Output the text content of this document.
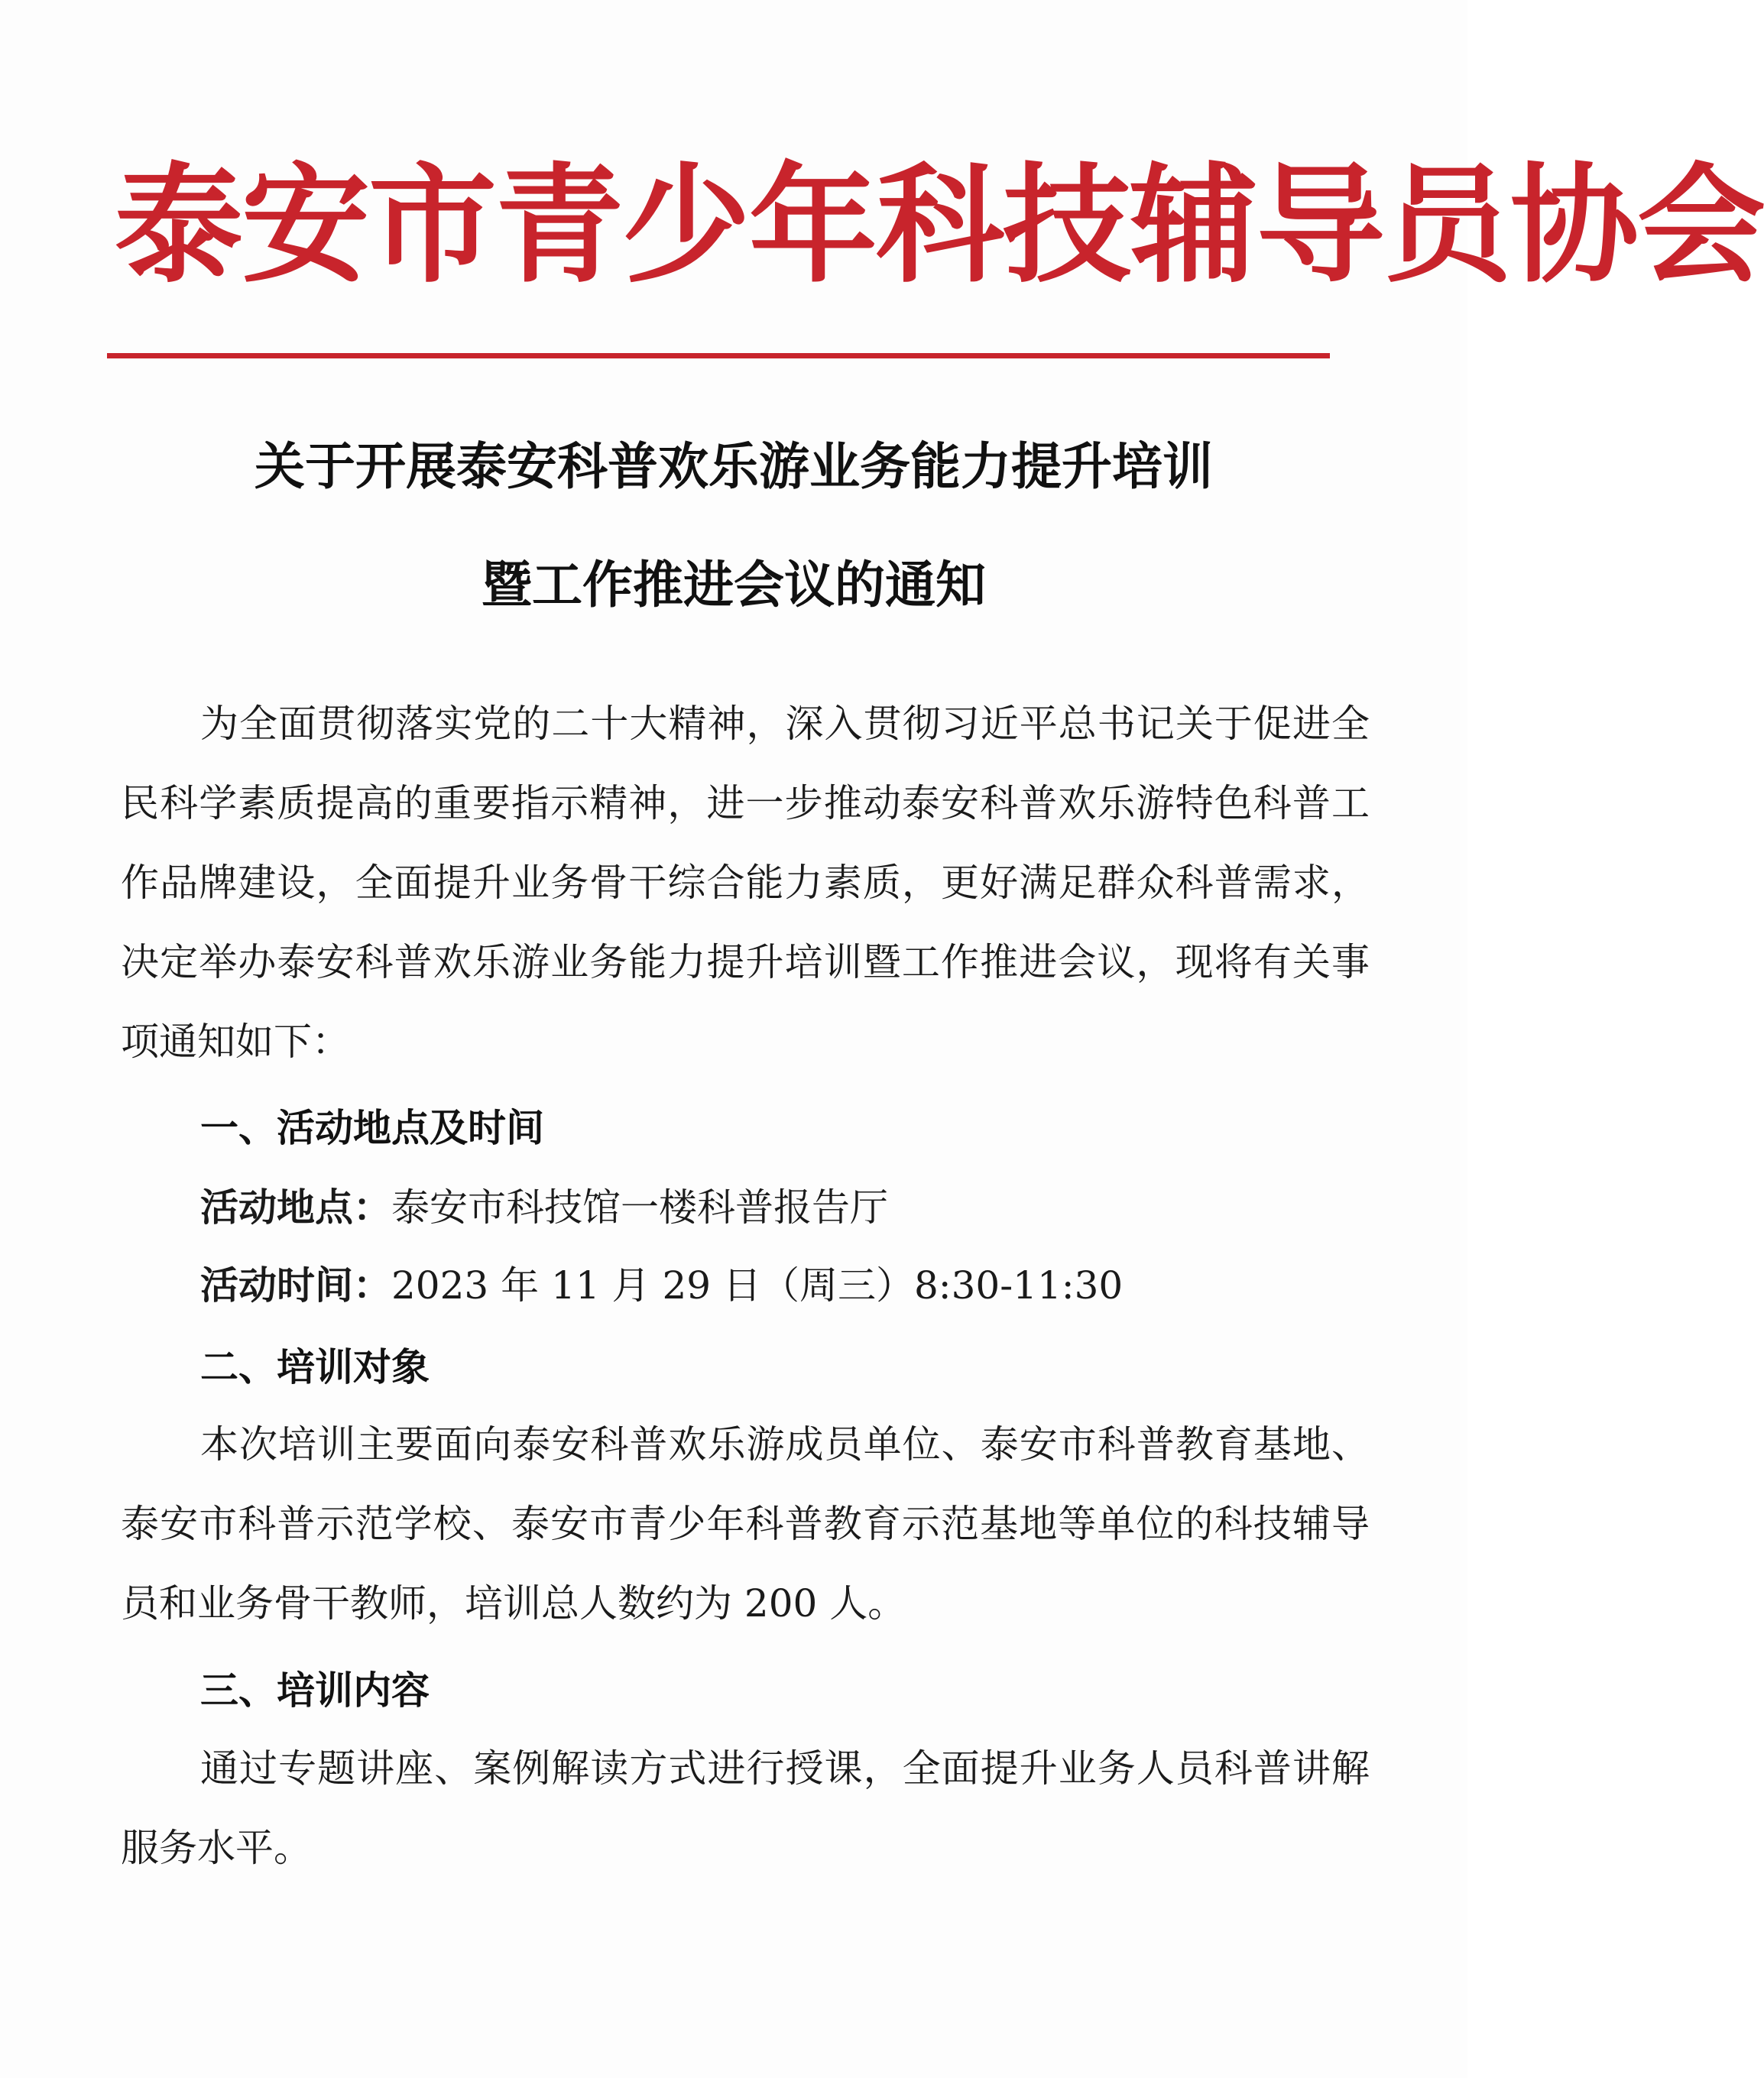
泰安市青少年科技辅导员协会
关于开展泰安科普欢乐游业务能力提升培训
暨工作推进会议的通知
为全面贯彻落实党的二十大精神，深入贯彻习近平总书记关于促进全民科学素质提高的重要指示精神，进一步推动泰安科普欢乐游特色科普工作品牌建设，全面提升业务骨干综合能力素质，更好满足群众科普需求，决定举办泰安科普欢乐游业务能力提升培训暨工作推进会议，现将有关事项通知如下：
一、活动地点及时间
活动地点：泰安市科技馆一楼科普报告厅
活动时间：2023 年 11 月 29 日（周三）8:30-11:30
二、培训对象
本次培训主要面向泰安科普欢乐游成员单位、泰安市科普教育基地、泰安市科普示范学校、泰安市青少年科普教育示范基地等单位的科技辅导员和业务骨干教师，培训总人数约为 200 人。
三、培训内容
通过专题讲座、案例解读方式进行授课，全面提升业务人员科普讲解服务水平。
